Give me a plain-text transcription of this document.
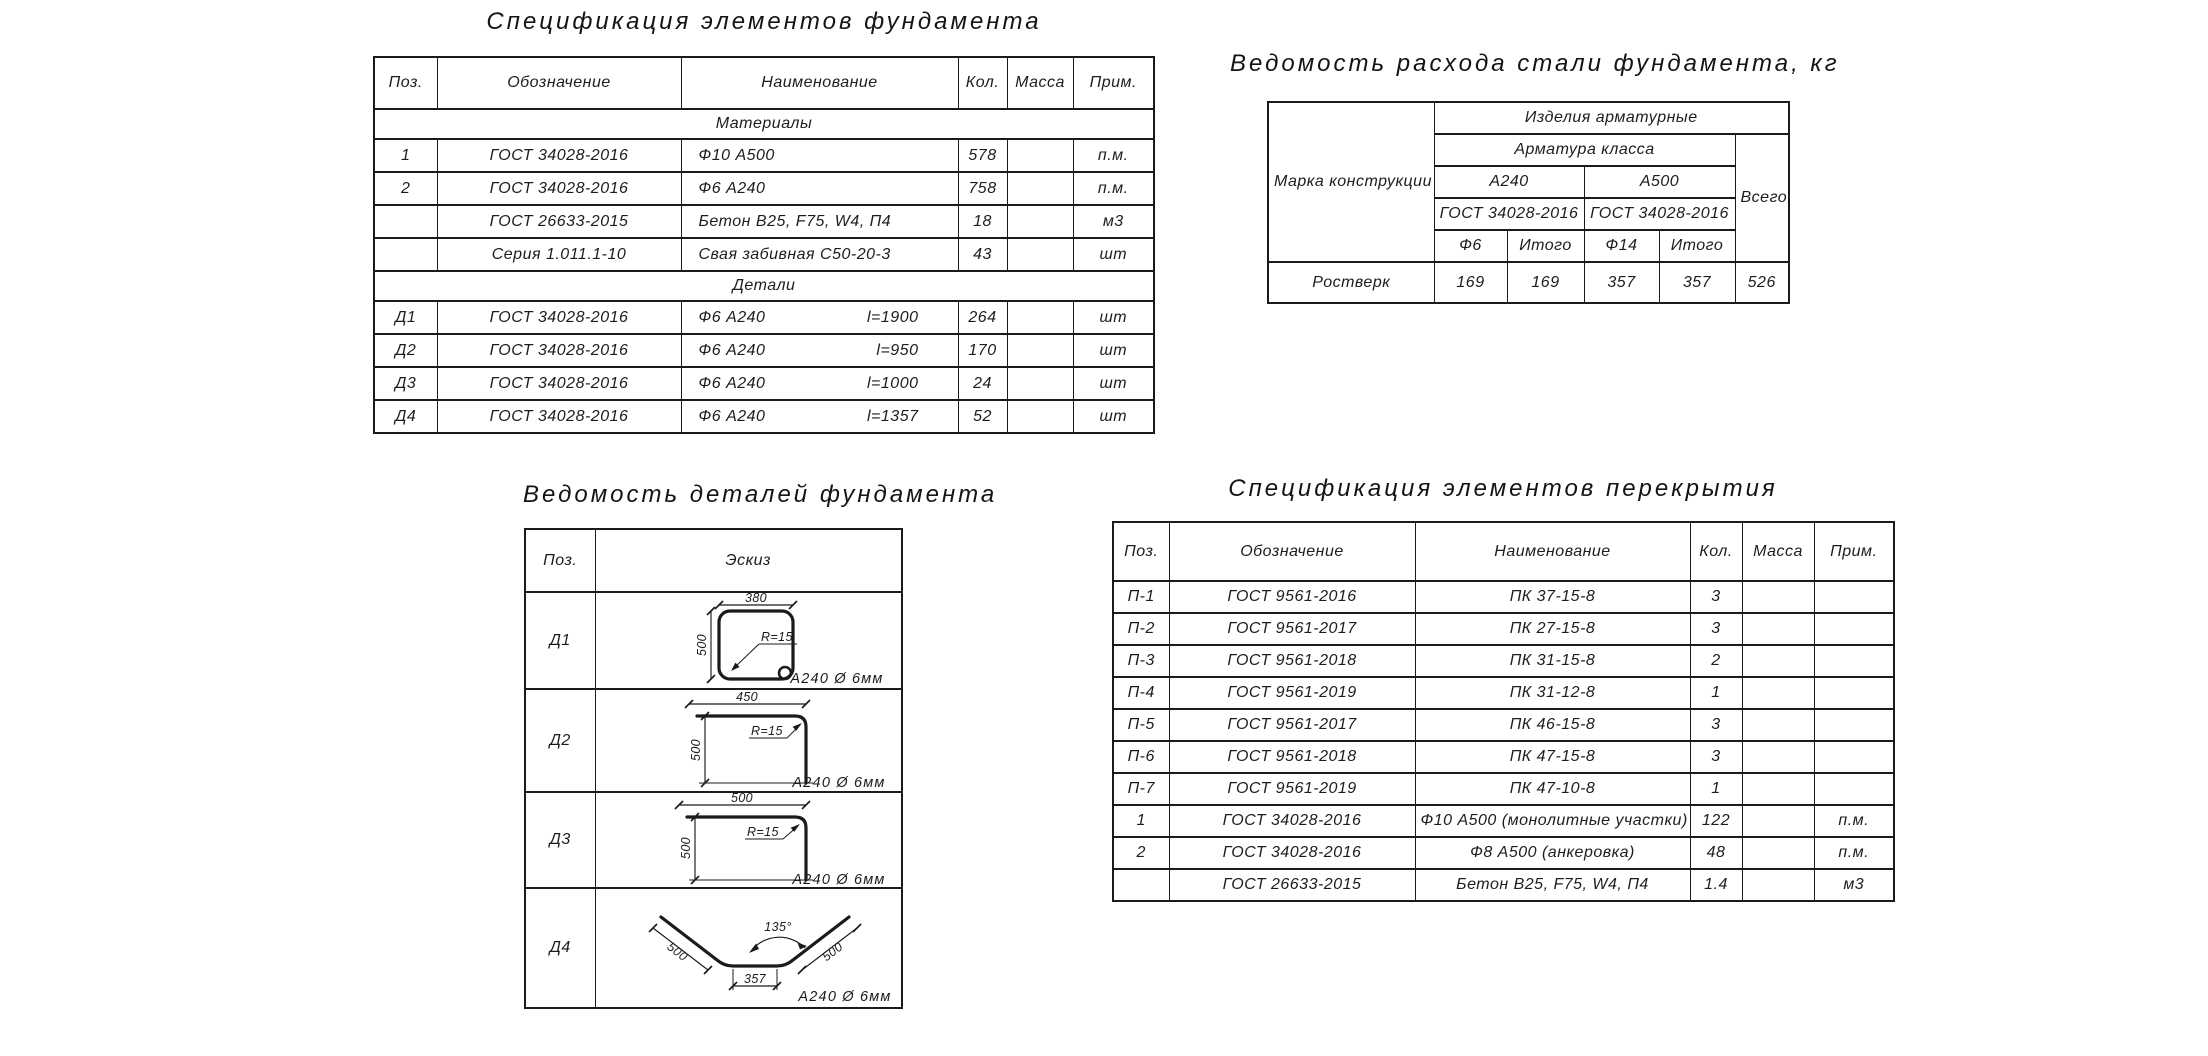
Спецификация элементов фундамента
Поз.	Обозначение	Наименование	Кол.	Масса	Прим.
Материалы					
1	ГОСТ 34028-2016	Ф10 А500	578		п.м.
2	ГОСТ 34028-2016	Ф6 А240	758		п.м.
	ГОСТ 26633-2015	Бетон В25, F75, W4, П4	18		м3
	Серия 1.011.1-10	Свая забивная С50-20-3	43		шт
Детали					
Д1	ГОСТ 34028-2016	Ф6 А240 l=1900	264		шт
Д2	ГОСТ 34028-2016	Ф6 А240 l=950	170		шт
Д3	ГОСТ 34028-2016	Ф6 А240 l=1000	24		шт
Д4	ГОСТ 34028-2016	Ф6 А240 l=1357	52		шт
Ведомость расхода стали фундамента, кг
Марка конструкции	Изделия арматурные				
	Арматура класса				Всего
	А240		А500		
	ГОСТ 34028-2016		ГОСТ 34028-2016		
	Ф6	Итого	Ф14	Итого	
Ростверк	169	169	357	357	526
Ведомость деталей фундамента
Поз.	Эскиз
Д1	380
500 R=15
А240 Ø 6мм

Д2	450
500
R=15
А240 Ø 6мм

Д3	500
500
R=15
А240 Ø 6мм

Д4	500 500
357
135°
А240 Ø 6мм
Спецификация элементов перекрытия
Поз.	Обозначение	Наименование	Кол.	Масса	Прим.
П-1	ГОСТ 9561-2016	ПК 37-15-8	3		
П-2	ГОСТ 9561-2017	ПК 27-15-8	3		
П-3	ГОСТ 9561-2018	ПК 31-15-8	2		
П-4	ГОСТ 9561-2019	ПК 31-12-8	1		
П-5	ГОСТ 9561-2017	ПК 46-15-8	3		
П-6	ГОСТ 9561-2018	ПК 47-15-8	3		
П-7	ГОСТ 9561-2019	ПК 47-10-8	1		
1	ГОСТ 34028-2016	Ф10 А500 (монолитные участки)	122		п.м.
2	ГОСТ 34028-2016	Ф8 А500 (анкеровка)	48		п.м.
	ГОСТ 26633-2015	Бетон В25, F75, W4, П4	1.4		м3
